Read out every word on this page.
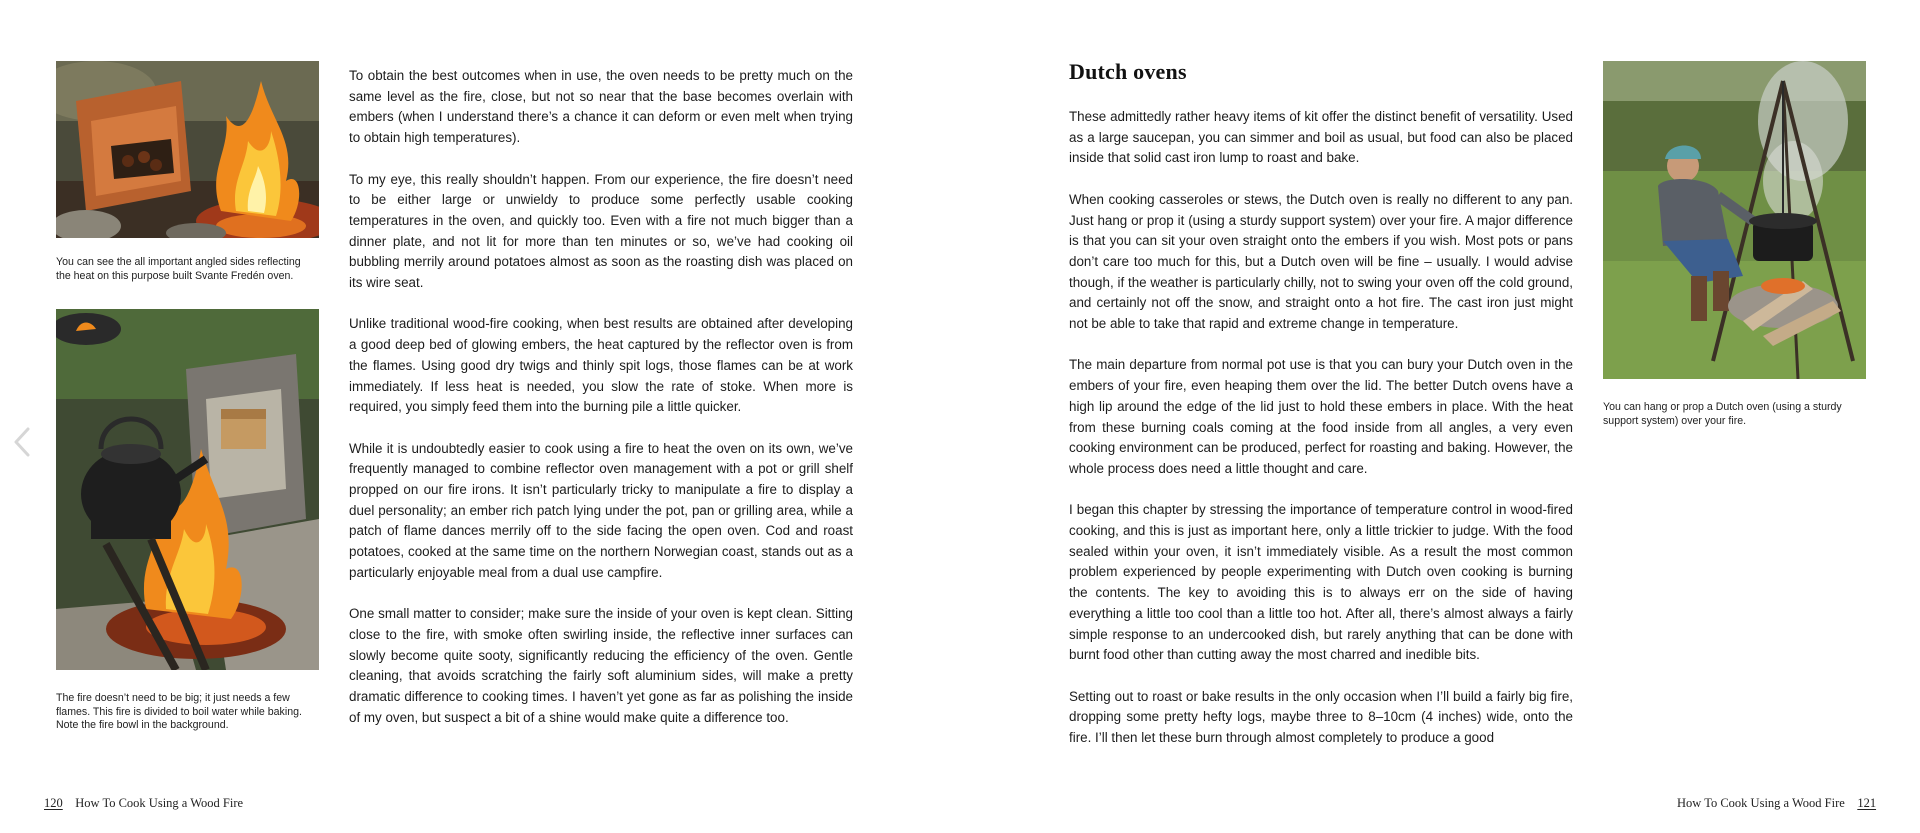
You can see the all important angled sides reflecting the heat on this purpose built Svante Fredén oven.
The fire doesn’t need to be big; it just needs a few flames. This fire is divided to boil water while baking. Note the fire bowl in the background.

To obtain the best outcomes when in use, the oven needs to be pretty much on the same level as the fire, close, but not so near that the base becomes overlain with embers (when I understand there’s a chance it can deform or even melt when trying to obtain high temperatures).

To my eye, this really shouldn’t happen. From our experience, the fire doesn’t need to be either large or unwieldy to produce some perfectly usable cooking temperatures in the oven, and quickly too. Even with a fire not much bigger than a dinner plate, and not lit for more than ten minutes or so, we’ve had cooking oil bubbling merrily around potatoes almost as soon as the roasting dish was placed on its wire seat.

Unlike traditional wood-fire cooking, when best results are obtained after developing a good deep bed of glowing embers, the heat captured by the reflector oven is from the flames. Using good dry twigs and thinly spit logs, those flames can be at work immediately. If less heat is needed, you slow the rate of stoke. When more is required, you simply feed them into the burning pile a little quicker.

While it is undoubtedly easier to cook using a fire to heat the oven on its own, we’ve frequently managed to combine reflector oven management with a pot or grill shelf propped on our fire irons. It isn’t particularly tricky to manipulate a fire to display a duel personality; an ember rich patch lying under the pot, pan or grilling area, while a patch of flame dances merrily off to the side facing the open oven. Cod and roast potatoes, cooked at the same time on the northern Norwegian coast, stands out as a particularly enjoyable meal from a dual use campfire.

One small matter to consider; make sure the inside of your oven is kept clean. Sitting close to the fire, with smoke often swirling inside, the reflective inner surfaces can slowly become quite sooty, significantly reducing the efficiency of the oven. Gentle cleaning, that avoids scratching the fairly soft aluminium sides, will make a pretty dramatic difference to cooking times. I haven’t yet gone as far as polishing the inside of my oven, but suspect a bit of a shine would make quite a difference too.

120 How To Cook Using a Wood Fire
Dutch ovens

These admittedly rather heavy items of kit offer the distinct benefit of versatility. Used as a large saucepan, you can simmer and boil as usual, but food can also be placed inside that solid cast iron lump to roast and bake.

When cooking casseroles or stews, the Dutch oven is really no different to any pan. Just hang or prop it (using a sturdy support system) over your fire. A major difference is that you can sit your oven straight onto the embers if you wish. Most pots or pans don’t care too much for this, but a Dutch oven will be fine – usually. I would advise though, if the weather is particularly chilly, not to swing your oven off the cold ground, and certainly not off the snow, and straight onto a hot fire. The cast iron just might not be able to take that rapid and extreme change in temperature.

The main departure from normal pot use is that you can bury your Dutch oven in the embers of your fire, even heaping them over the lid. The better Dutch ovens have a high lip around the edge of the lid just to hold these embers in place. With the heat from these burning coals coming at the food inside from all angles, a very even cooking environment can be produced, perfect for roasting and baking. However, the whole process does need a little thought and care.

I began this chapter by stressing the importance of temperature control in wood-fired cooking, and this is just as important here, only a little trickier to judge. With the food sealed within your oven, it isn’t immediately visible. As a result the most common problem experienced by people experimenting with Dutch oven cooking is burning the contents. The key to avoiding this is to always err on the side of having everything a little too cool than a little too hot. After all, there’s almost always a fairly simple response to an undercooked dish, but rarely anything that can be done with burnt food other than cutting away the most charred and inedible bits.

Setting out to roast or bake results in the only occasion when I’ll build a fairly big fire, dropping some pretty hefty logs, maybe three to 8–10cm (4 inches) wide, onto the fire. I’ll then let these burn through almost completely to produce a good

You can hang or prop a Dutch oven (using a sturdy support system) over your fire.
How To Cook Using a Wood Fire 121
